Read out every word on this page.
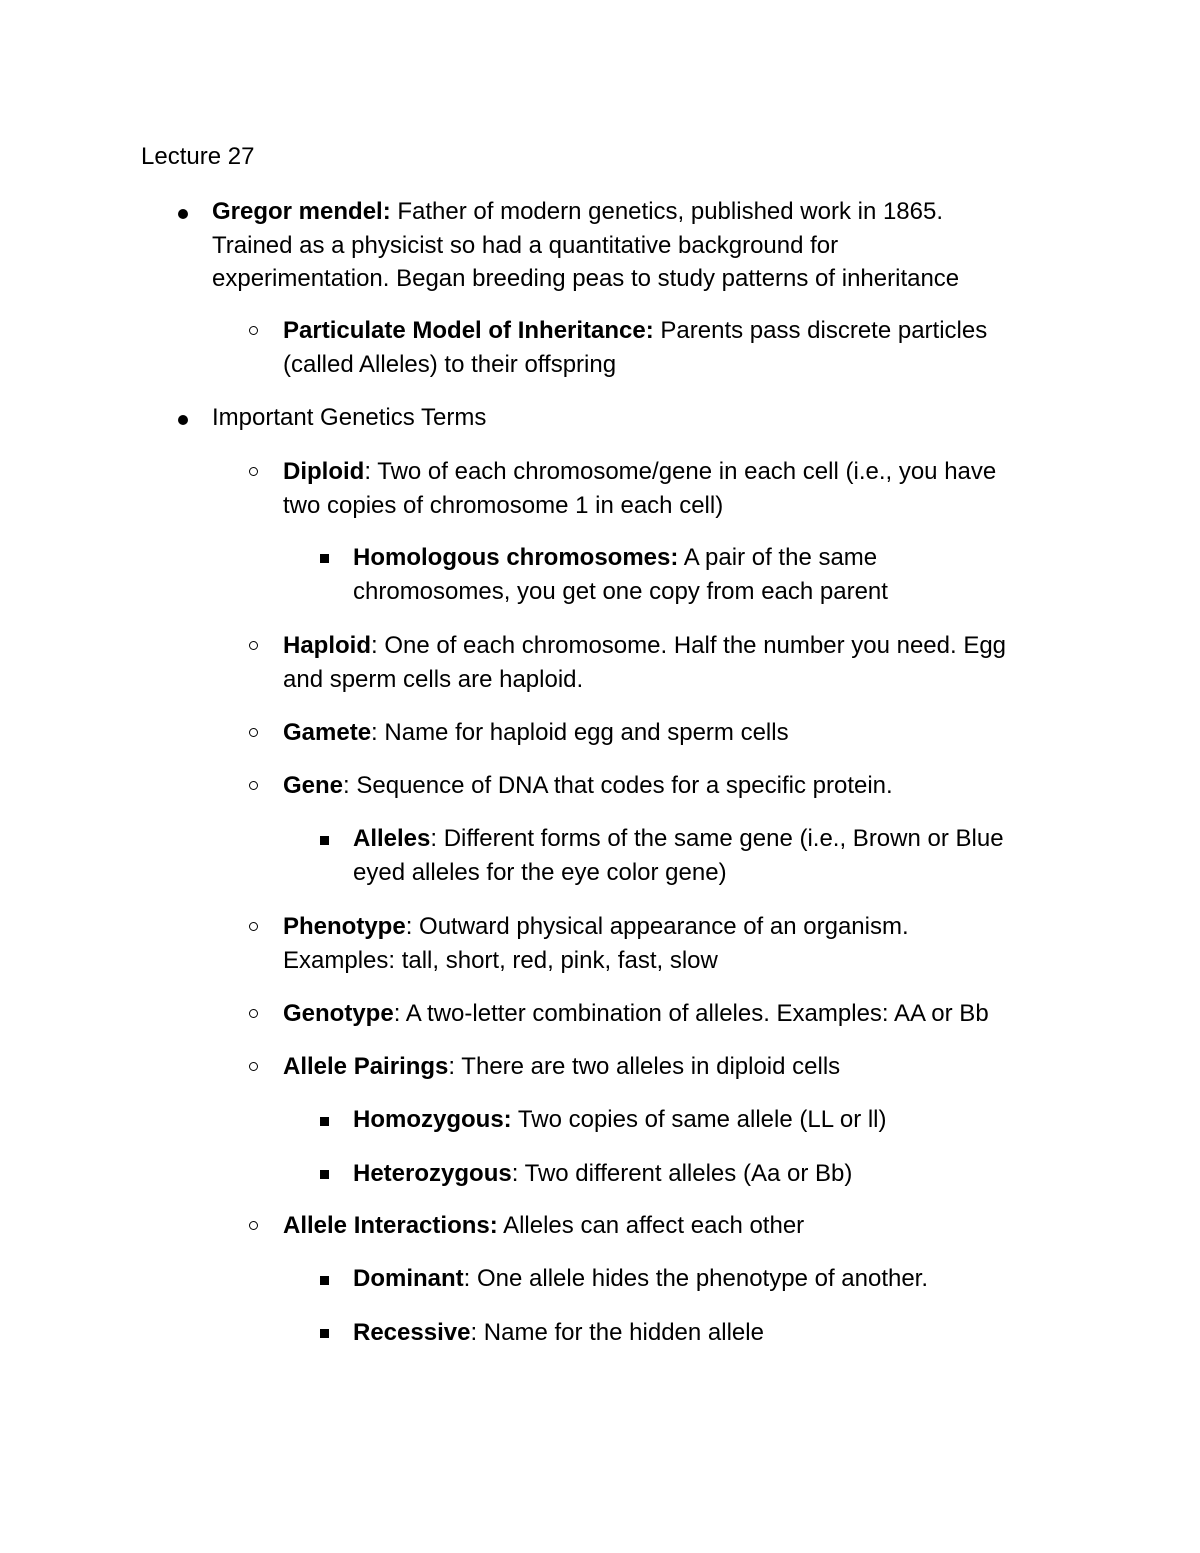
Lecture 27
Gregor mendel: Father of modern genetics, published work in 1865.
Trained as a physicist so had a quantitative background for
experimentation. Began breeding peas to study patterns of inheritance
Particulate Model of Inheritance: Parents pass discrete particles
(called Alleles) to their offspring
Important Genetics Terms
Diploid: Two of each chromosome/gene in each cell (i.e., you have
two copies of chromosome 1 in each cell)
Homologous chromosomes: A pair of the same
chromosomes, you get one copy from each parent
Haploid: One of each chromosome. Half the number you need. Egg
and sperm cells are haploid.
Gamete: Name for haploid egg and sperm cells
Gene: Sequence of DNA that codes for a specific protein.
Alleles: Different forms of the same gene (i.e., Brown or Blue
eyed alleles for the eye color gene)
Phenotype: Outward physical appearance of an organism.
Examples: tall, short, red, pink, fast, slow
Genotype: A two-letter combination of alleles. Examples: AA or Bb
Allele Pairings: There are two alleles in diploid cells
Homozygous: Two copies of same allele (LL or ll)
Heterozygous: Two different alleles (Aa or Bb)
Allele Interactions: Alleles can affect each other
Dominant: One allele hides the phenotype of another.
Recessive: Name for the hidden allele
